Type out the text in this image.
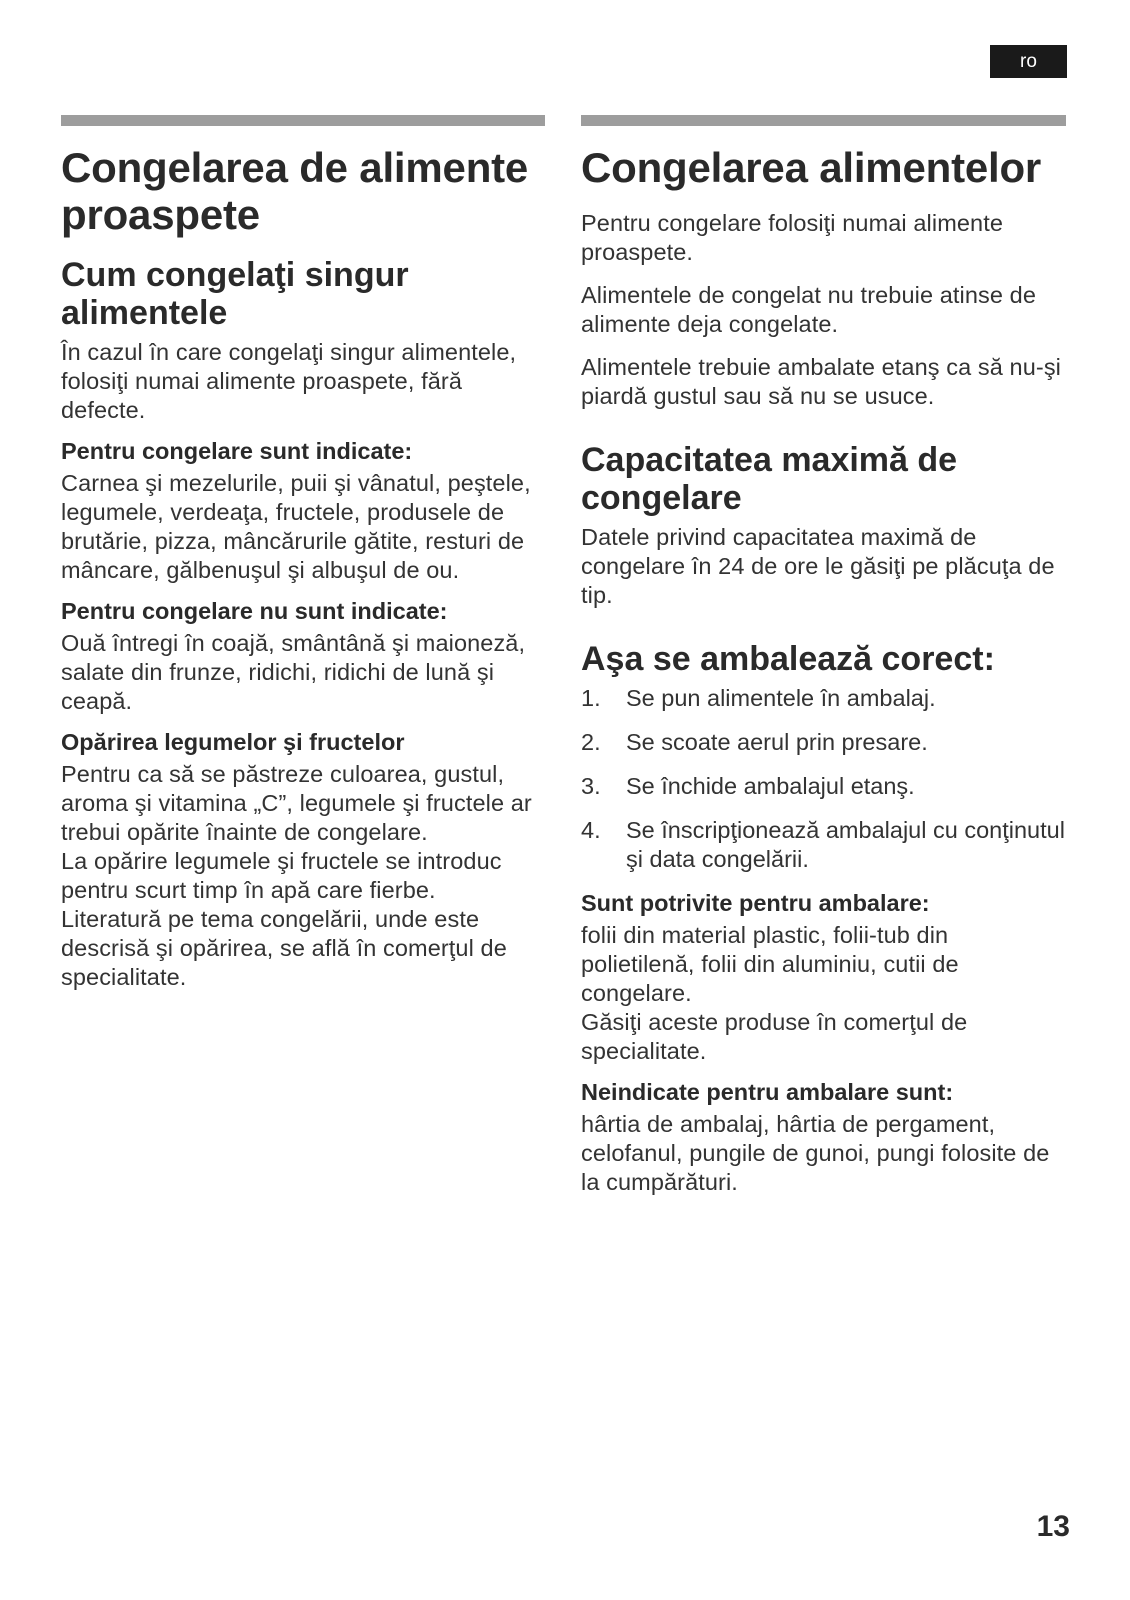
ro
Congelarea de alimente proaspete
Cum congelaţi singur alimentele

În cazul în care congelaţi singur alimentele, folosiţi numai alimente proaspete, fără defecte.

Pentru congelare sunt indicate:

Carnea şi mezelurile, puii şi vânatul, peştele, legumele, verdeaţa, fructele, produsele de brutărie, pizza, mâncărurile gătite, resturi de mâncare, gălbenuşul şi albuşul de ou.

Pentru congelare nu sunt indicate:

Ouă întregi în coajă, smântână şi maioneză, salate din frunze, ridichi, ridichi de lună şi ceapă.

Opărirea legumelor şi fructelor

Pentru ca să se păstreze culoarea, gustul, aroma şi vitamina „C”, legumele şi fructele ar trebui opărite înainte de congelare.

La opărire legumele şi fructele se introduc pentru scurt timp în apă care fierbe.

Literatură pe tema congelării, unde este descrisă şi opărirea, se află în comerţul de specialitate.

Congelarea alimentelor

Pentru congelare folosiţi numai alimente proaspete.

Alimentele de congelat nu trebuie atinse de alimente deja congelate.

Alimentele trebuie ambalate etanş ca să nu-şi piardă gustul sau să nu se usuce.

Capacitatea maximă de congelare

Datele privind capacitatea maximă de congelare în 24 de ore le găsiţi pe plăcuţa de tip.

Aşa se ambalează corect:
1.	Se pun alimentele în ambalaj.
2.	Se scoate aerul prin presare.
3.	Se închide ambalajul etanş.
4.	Se înscripţionează ambalajul cu conţinutul şi data congelării.
Sunt potrivite pentru ambalare:

folii din material plastic, folii-tub din polietilenă, folii din aluminiu, cutii de congelare.

Găsiţi aceste produse în comerţul de specialitate.

Neindicate pentru ambalare sunt:

hârtia de ambalaj, hârtia de pergament, celofanul, pungile de gunoi, pungi folosite de la cumpărături.

13
